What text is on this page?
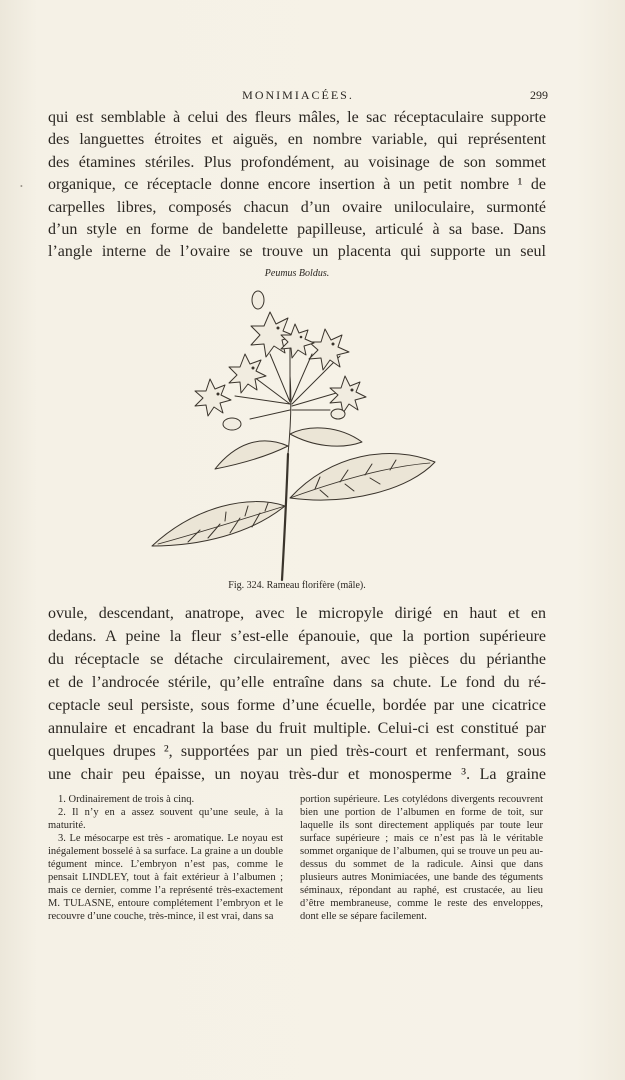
MONIMIACÉES.	299
•

qui est semblable à celui des fleurs mâles, le sac réceptaculaire supporte
des languettes étroites et aiguës, en nombre variable, qui représentent
des étamines stériles. Plus profondément, au voisinage de son sommet
organique, ce réceptacle donne encore insertion à un petit nombre ¹ de
carpelles libres, composés chacun d’un ovaire uniloculaire, surmonté
d’un style en forme de bandelette papilleuse, articulé à sa base. Dans
l’angle interne de l’ovaire se trouve un placenta qui supporte un seul

Peumus Boldus.
Fig. 324. Rameau florifère (mâle).

ovule, descendant, anatrope, avec le micropyle dirigé en haut et en
dedans. A peine la fleur s’est-elle épanouie, que la portion supérieure
du réceptacle se détache circulairement, avec les pièces du périanthe
et de l’androcée stérile, qu’elle entraîne dans sa chute. Le fond du ré-
ceptacle seul persiste, sous forme d’une écuelle, bordée par une cicatrice
annulaire et encadrant la base du fruit multiple. Celui-ci est constitué par
quelques drupes ², supportées par un pied très-court et renfermant, sous
une chair peu épaisse, un noyau très-dur et monosperme ³. La graine

1. Ordinairement de trois à cinq.

2. Il n’y en a assez souvent qu’une seule, à la maturité.

3. Le mésocarpe est très - aromatique. Le noyau est inégalement bosselé à sa surface. La graine a un double tégument mince. L’embryon n’est pas, comme le pensait LINDLEY, tout à fait extérieur à l’albumen ; mais ce dernier, comme l’a représenté très-exactement M. TULASNE, entoure complétement l’embryon et le recouvre d’une couche, très-mince, il est vrai, dans sa

portion supérieure. Les cotylédons divergents recouvrent bien une portion de l’albumen en forme de toit, sur laquelle ils sont directement appliqués par toute leur surface supérieure ; mais ce n’est pas là le véritable sommet organique de l’albumen, qui se trouve un peu au-dessus du sommet de la radicule. Ainsi que dans plusieurs autres Monimiacées, une bande des téguments séminaux, répondant au raphé, est crustacée, au lieu d’être membraneuse, comme le reste des enveloppes, dont elle se sépare facilement.
